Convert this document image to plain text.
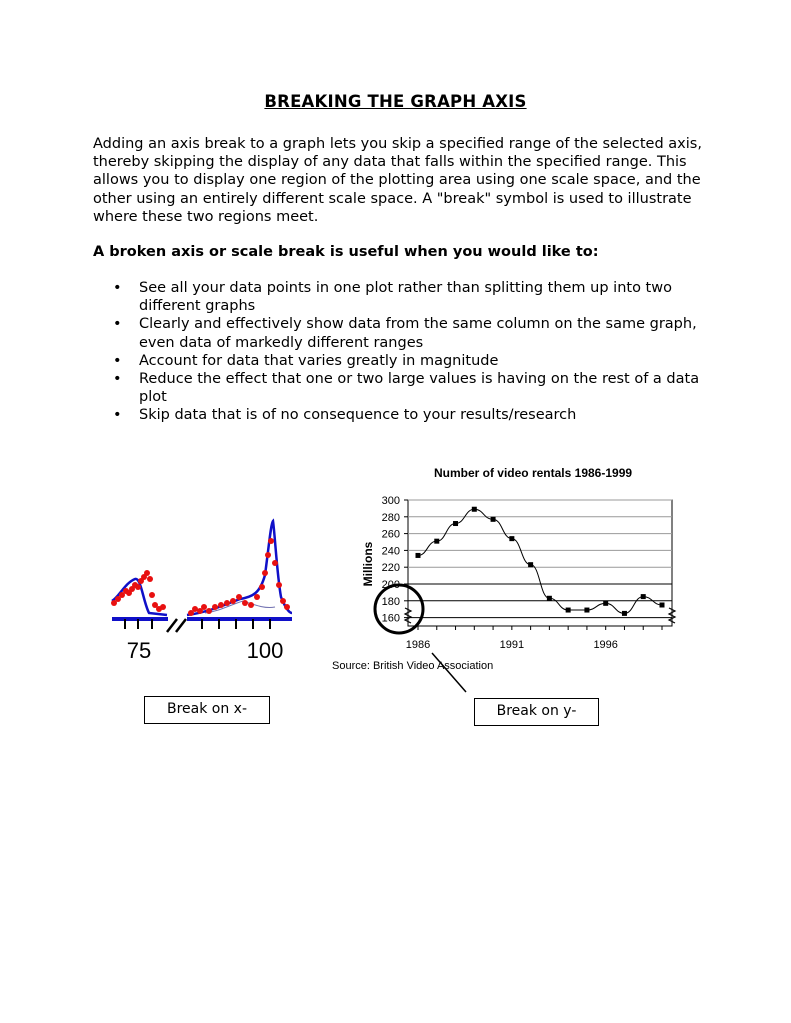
BREAKING THE GRAPH AXIS
Adding an axis break to a graph lets you skip a specified range of the selected axis, thereby skipping the display of any data that falls within the specified range. This allows you to display one region of the plotting area using one scale space, and the other using an entirely different scale space. A "break" symbol is used to illustrate where these two regions meet.
A broken axis or scale break is useful when you would like to:
• See all your data points in one plot rather than splitting them up into two different graphs
• Clearly and effectively show data from the same column on the same graph, even data of markedly different ranges
• Account for data that varies greatly in magnitude
• Reduce the effect that one or two large values is having on the rest of a data plot
• Skip data that is of no consequence to your results/research
75	100
Number of video rentals 1986-1999
Millions
160
180
200
220
240
260
280
300
1986	1991	1996
Source: British Video Association
Break on x-	Break on y-
